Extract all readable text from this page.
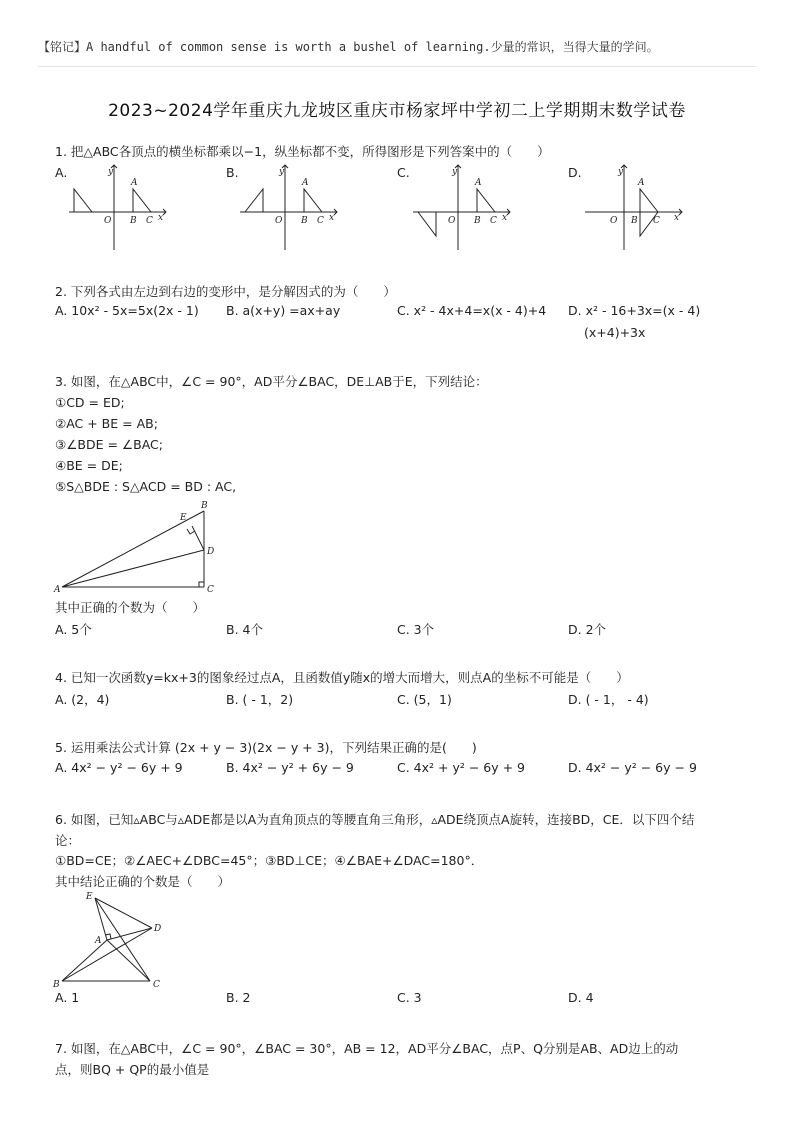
【铭记】A handful of common sense is worth a bushel of learning.少量的常识，当得大量的学问。
2023~2024学年重庆九龙坡区重庆市杨家坪中学初二上学期期末数学试卷
1. 把△ABC各顶点的横坐标都乘以−1，纵坐标都不变，所得图形是下列答案中的（　　）
A.	B.	C.	D.
y
O
A
B C x
y
O
A
B C x
y
O
A
B C x
y
O
A
B C x
2. 下列各式由左边到右边的变形中，是分解因式的为（　　）
A. 10x² - 5x=5x(2x - 1) B. a(x+y) =ax+ay	C. x² - 4x+4=x(x - 4)+4 D. x² - 16+3x=(x - 4)
(x+4)+3x
3. 如图，在△ABC中，∠C = 90°，AD平分∠BAC，DE⊥AB于E，下列结论：
①CD = ED;
②AC + BE = AB;
③∠BDE = ∠BAC;
④BE = DE;
⑤S△BDE : S△ACD = BD : AC,
E
B
D
A	C
其中正确的个数为（　　）
A. 5个	B. 4个	C. 3个	D. 2个
4. 已知一次函数y=kx+3的图象经过点A，且函数值y随x的增大而增大，则点A的坐标不可能是（　　）
A. (2，4)	B. ( - 1，2)	C. (5，1)	D. ( - 1， - 4)
5. 运用乘法公式计算 (2x + y − 3)(2x − y + 3)，下列结果正确的是(　　)
A. 4x² − y² − 6y + 9	B. 4x² − y² + 6y − 9	C. 4x² + y² − 6y + 9	D. 4x² − y² − 6y − 9
6. 如图，已知▵ABC与▵ADE都是以A为直角顶点的等腰直角三角形，▵ADE绕顶点A旋转，连接BD，CE．以下四个结
论：
①BD=CE；②∠AEC+∠DBC=45°；③BD⊥CE；④∠BAE+∠DAC=180°．
其中结论正确的个数是（　　）
E
D
A
B	C
A. 1	B. 2	C. 3	D. 4
7. 如图，在△ABC中，∠C = 90°，∠BAC = 30°，AB = 12，AD平分∠BAC，点P、Q分别是AB、AD边上的动
点，则BQ + QP的最小值是
